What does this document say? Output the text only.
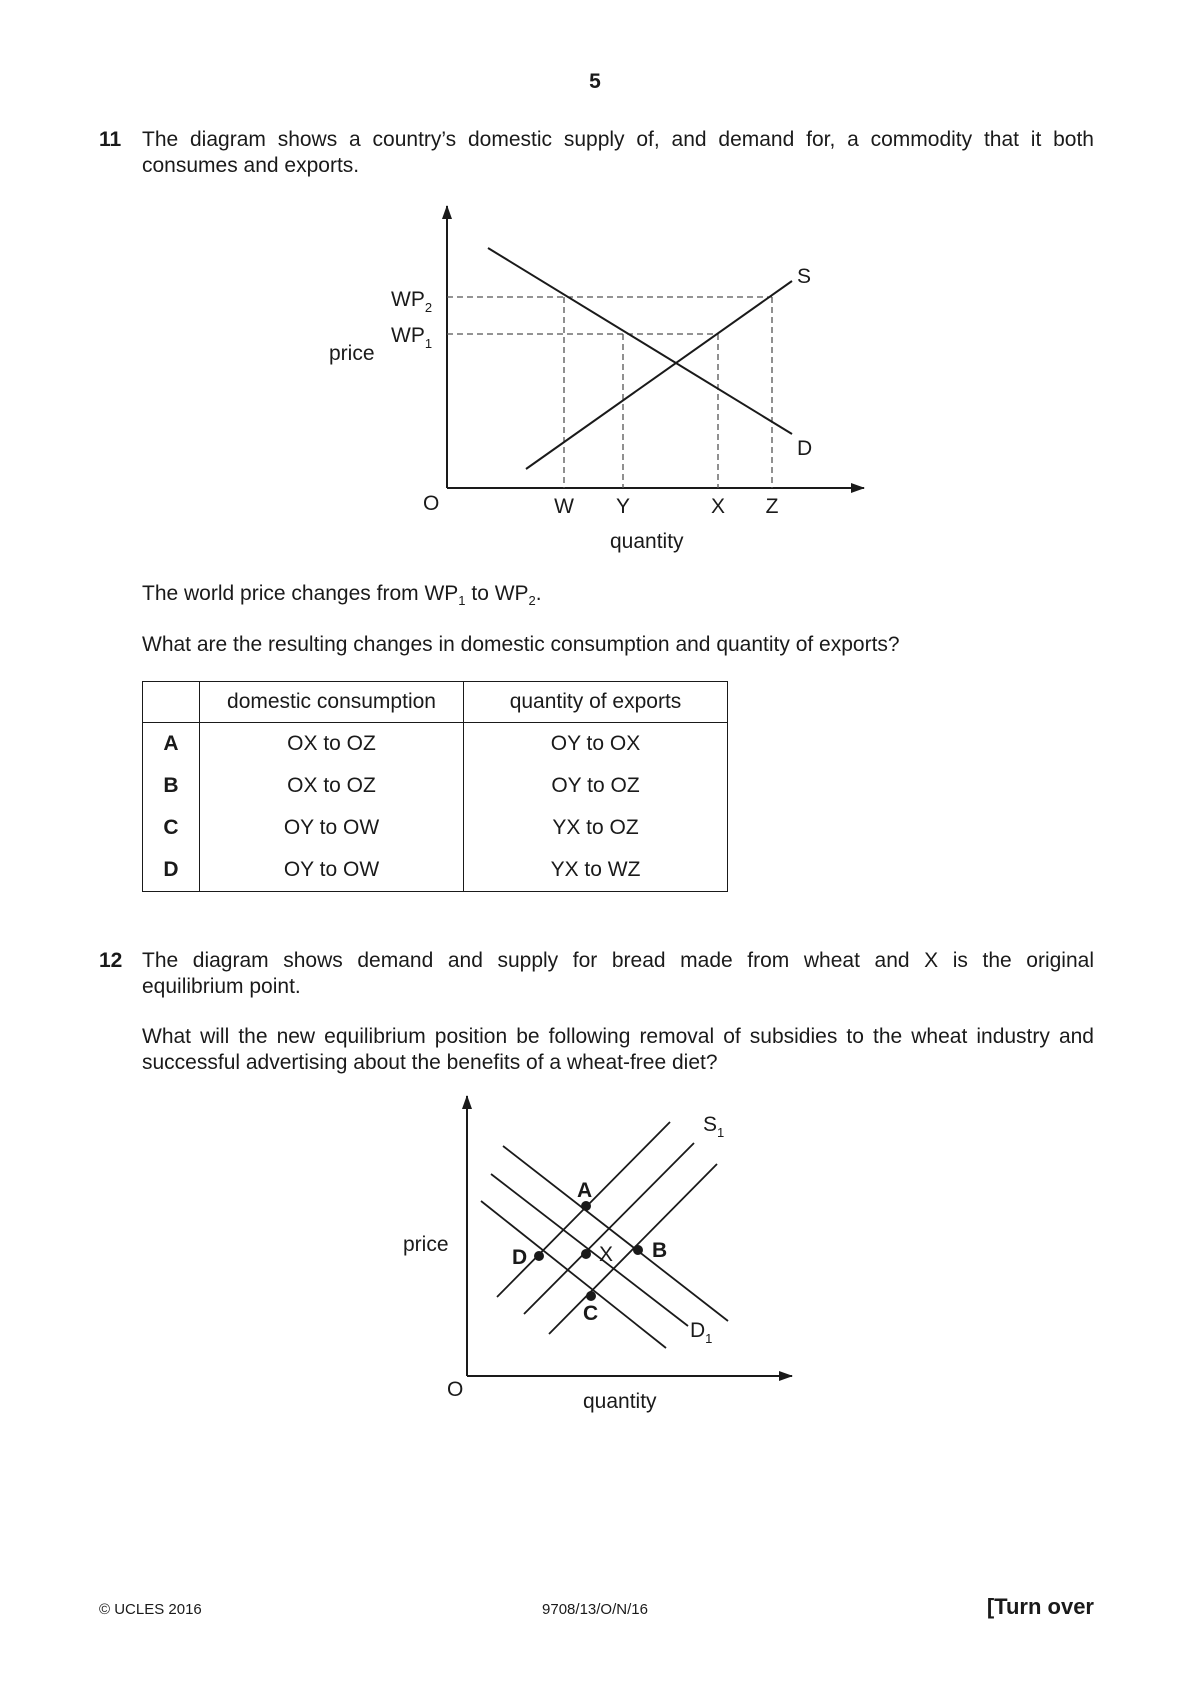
5
11 The diagram shows a country’s domestic supply of, and demand for, a commodity that it both
consumes and exports.
S
D
O
price
quantity
$WP_2$
$WP_1$
W Y	X Z
The world price changes from $WP_1$ to $WP_2$.
What are the resulting changes in domestic consumption and quantity of exports?
	domestic consumption	quantity of exports
A	OX to OZ	OY to OX
B	OX to OZ	OY to OZ
C	OY to OW	YX to OZ
D	OY to OW	YX to WZ
12 The diagram shows demand and supply for bread made from wheat and X is the original
equilibrium point.
What will the new equilibrium position be following removal of subsidies to the wheat industry and
successful advertising about the benefits of a wheat-free diet?
A
B
C
D	X
$S_1$
$D_1$
price
quantity
O
© UCLES 2016	9708/13/O/N/16	[Turn over
